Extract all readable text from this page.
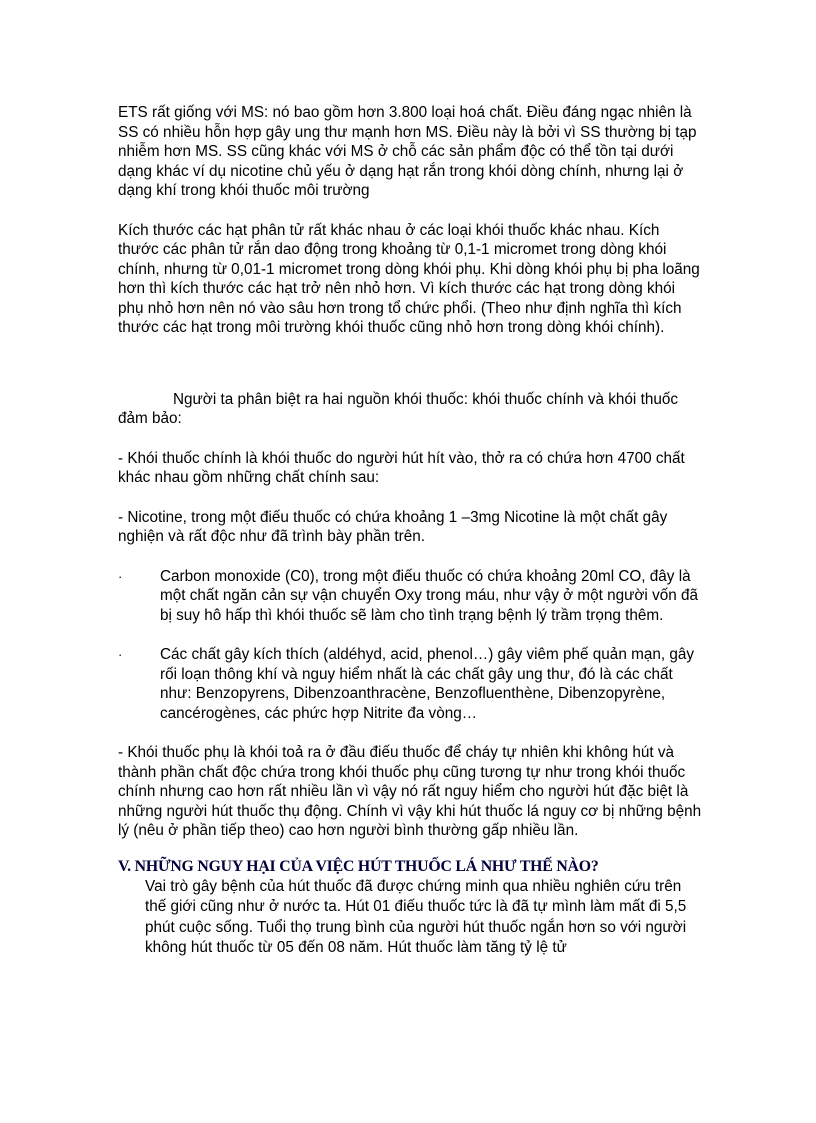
ETS rất giống với MS: nó bao gồm hơn 3.800 loại hoá chất. Điều đáng ngạc nhiên là SS có nhiều hỗn hợp gây ung thư mạnh hơn MS. Điều này là bởi vì SS thường bị tạp nhiễm hơn MS. SS cũng khác với MS ở chỗ các sản phẩm độc có thể tồn tại dưới dạng khác ví dụ nicotine chủ yếu ở dạng hạt rắn trong khói dòng chính, nhưng lại ở dạng khí trong khói thuốc môi trường

Kích thước các hạt phân tử rất khác nhau ở các loại khói thuốc khác nhau. Kích thước các phân tử rắn dao động trong khoảng từ 0,1-1 micromet trong dòng khói chính, nhưng từ 0,01-1 micromet trong dòng khói phụ. Khi dòng khói phụ bị pha loãng hơn thì kích thước các hạt trở nên nhỏ hơn. Vì kích thước các hạt trong dòng khói phụ nhỏ hơn nên nó vào sâu hơn trong tổ chức phổi. (Theo như định nghĩa thì kích thước các hạt trong môi trường khói thuốc cũng nhỏ hơn trong dòng khói chính).

Người ta phân biệt ra hai nguồn khói thuốc: khói thuốc chính và khói thuốc đảm bảo:

- Khói thuốc chính là khói thuốc do người hút hít vào, thở ra có chứa hơn 4700 chất khác nhau gồm những chất chính sau:

- Nicotine, trong một điếu thuốc có chứa khoảng 1 –3mg Nicotine là một chất gây nghiện và rất độc như đã trình bày phần trên.

·	Carbon monoxide (C0), trong một điếu thuốc có chứa khoảng 20ml CO, đây là một chất ngăn cản sự vận chuyển Oxy trong máu, như vậy ở một người vốn đã bị suy hô hấp thì khói thuốc sẽ làm cho tình trạng bệnh lý trầm trọng thêm.
·	Các chất gây kích thích (aldéhyd, acid, phenol…) gây viêm phế quản mạn, gây rối loạn thông khí và nguy hiểm nhất là các chất gây ung thư, đó là các chất như: Benzopyrens, Dibenzoanthracène, Benzofluenthène, Dibenzopyrène, cancérogènes, các phức hợp Nitrite đa vòng…

- Khói thuốc phụ là khói toả ra ở đầu điếu thuốc để cháy tự nhiên khi không hút và thành phần chất độc chứa trong khói thuốc phụ cũng tương tự như trong khói thuốc chính nhưng cao hơn rất nhiều lần vì vậy nó rất nguy hiểm cho người hút đặc biệt là những người hút thuốc thụ động. Chính vì vậy khi hút thuốc lá nguy cơ bị những bệnh lý (nêu ở phần tiếp theo) cao hơn người bình thường gấp nhiều lần.

V. NHỮNG NGUY HẠI CỦA VIỆC HÚT THUỐC LÁ NHƯ THẾ NÀO?

Vai trò gây bệnh của hút thuốc đã được chứng minh qua nhiều nghiên cứu trên thế giới cũng như ở nước ta. Hút 01 điếu thuốc tức là đã tự mình làm mất đi 5,5 phút cuộc sống. Tuổi thọ trung bình của người hút thuốc ngắn hơn so với người không hút thuốc từ 05 đến 08 năm. Hút thuốc làm tăng tỷ lệ tử
